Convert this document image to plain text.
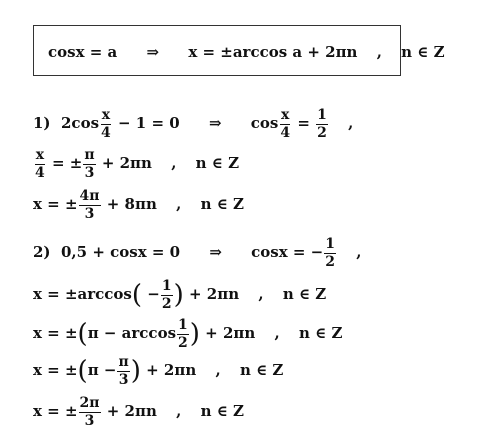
cosx = a ⇒ x = ±arccos a + 2πn , n ∈ Z
1) $2\cos \frac{x}{4} - 1 = 0$ ⇒ $\cos \frac{x}{4} = \frac{1}{2}$ ,
$\frac{x}{4}$ = ± $\frac{\pi}{3} + 2\pi n$ , n ∈ Z
x = ± $\frac{4\pi}{3} + 8\pi n$ , n ∈ Z
2) 0,5 + cosx = 0 ⇒ cosx = − $\frac{1}{2}$ ,
$x = \pm\arccos( - \frac{1}{2}$ ) + 2πn , n ∈ Z
$x = \pm(\pi - \arccos \frac{1}{2}$ ) + 2πn , n ∈ Z
$x = \pm(\pi - \frac{\pi}{3}$ ) + 2πn , n ∈ Z
x = ± $\frac{2\pi}{3} + 2\pi n$ , n ∈ Z
